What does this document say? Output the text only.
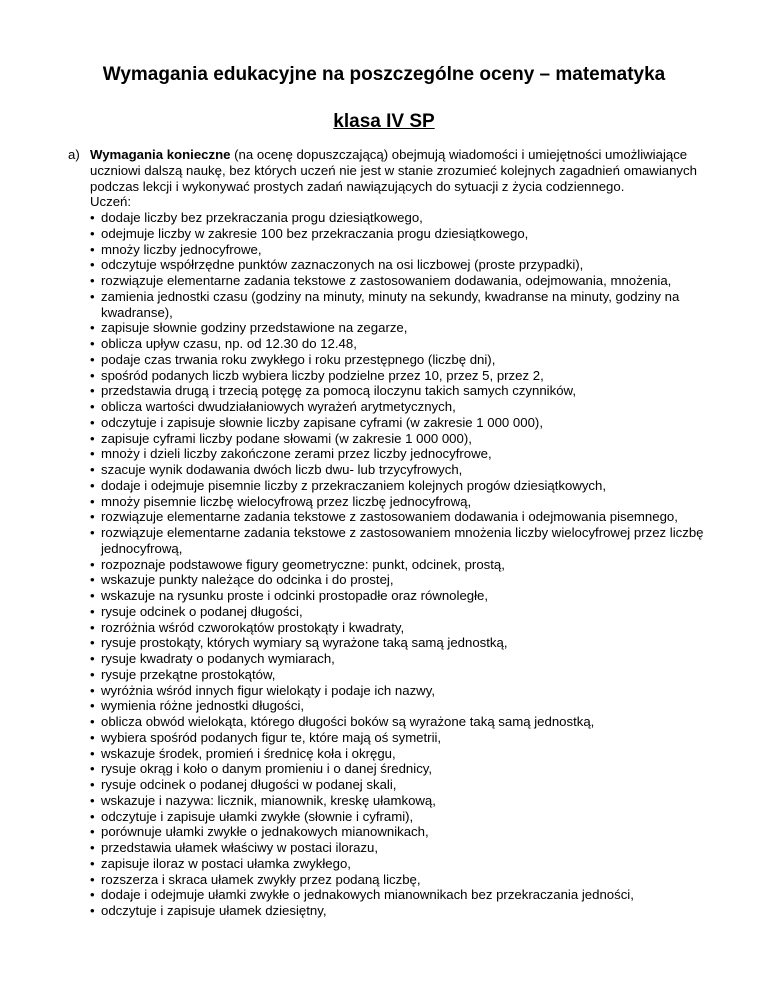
Wymagania edukacyjne na poszczególne oceny – matematyka
klasa IV SP
a) Wymagania konieczne (na ocenę dopuszczającą) obejmują wiadomości i umiejętności umożliwiające uczniowi dalszą naukę, bez których uczeń nie jest w stanie zrozumieć kolejnych zagadnień omawianych podczas lekcji i wykonywać prostych zadań nawiązujących do sytuacji z życia codziennego.
Uczeń:
• dodaje liczby bez przekraczania progu dziesiątkowego,
• odejmuje liczby w zakresie 100 bez przekraczania progu dziesiątkowego,
• mnoży liczby jednocyfrowe,
• odczytuje współrzędne punktów zaznaczonych na osi liczbowej (proste przypadki),
• rozwiązuje elementarne zadania tekstowe z zastosowaniem dodawania, odejmowania, mnożenia,
• zamienia jednostki czasu (godziny na minuty, minuty na sekundy, kwadranse na minuty, godziny na kwadranse),
• zapisuje słownie godziny przedstawione na zegarze,
• oblicza upływ czasu, np. od 12.30 do 12.48,
• podaje czas trwania roku zwykłego i roku przestępnego (liczbę dni),
• spośród podanych liczb wybiera liczby podzielne przez 10, przez 5, przez 2,
• przedstawia drugą i trzecią potęgę za pomocą iloczynu takich samych czynników,
• oblicza wartości dwudziałaniowych wyrażeń arytmetycznych,
• odczytuje i zapisuje słownie liczby zapisane cyframi (w zakresie 1 000 000),
• zapisuje cyframi liczby podane słowami (w zakresie 1 000 000),
• mnoży i dzieli liczby zakończone zerami przez liczby jednocyfrowe,
• szacuje wynik dodawania dwóch liczb dwu- lub trzycyfrowych,
• dodaje i odejmuje pisemnie liczby z przekraczaniem kolejnych progów dziesiątkowych,
• mnoży pisemnie liczbę wielocyfrową przez liczbę jednocyfrową,
• rozwiązuje elementarne zadania tekstowe z zastosowaniem dodawania i odejmowania pisemnego,
• rozwiązuje elementarne zadania tekstowe z zastosowaniem mnożenia liczby wielocyfrowej przez liczbę jednocyfrową,
• rozpoznaje podstawowe figury geometryczne: punkt, odcinek, prostą,
• wskazuje punkty należące do odcinka i do prostej,
• wskazuje na rysunku proste i odcinki prostopadłe oraz równoległe,
• rysuje odcinek o podanej długości,
• rozróżnia wśród czworokątów prostokąty i kwadraty,
• rysuje prostokąty, których wymiary są wyrażone taką samą jednostką,
• rysuje kwadraty o podanych wymiarach,
• rysuje przekątne prostokątów,
• wyróżnia wśród innych figur wielokąty i podaje ich nazwy,
• wymienia różne jednostki długości,
• oblicza obwód wielokąta, którego długości boków są wyrażone taką samą jednostką,
• wybiera spośród podanych figur te, które mają oś symetrii,
• wskazuje środek, promień i średnicę koła i okręgu,
• rysuje okrąg i koło o danym promieniu i o danej średnicy,
• rysuje odcinek o podanej długości w podanej skali,
• wskazuje i nazywa: licznik, mianownik, kreskę ułamkową,
• odczytuje i zapisuje ułamki zwykłe (słownie i cyframi),
• porównuje ułamki zwykłe o jednakowych mianownikach,
• przedstawia ułamek właściwy w postaci ilorazu,
• zapisuje iloraz w postaci ułamka zwykłego,
• rozszerza i skraca ułamek zwykły przez podaną liczbę,
• dodaje i odejmuje ułamki zwykłe o jednakowych mianownikach bez przekraczania jedności,
• odczytuje i zapisuje ułamek dziesiętny,
